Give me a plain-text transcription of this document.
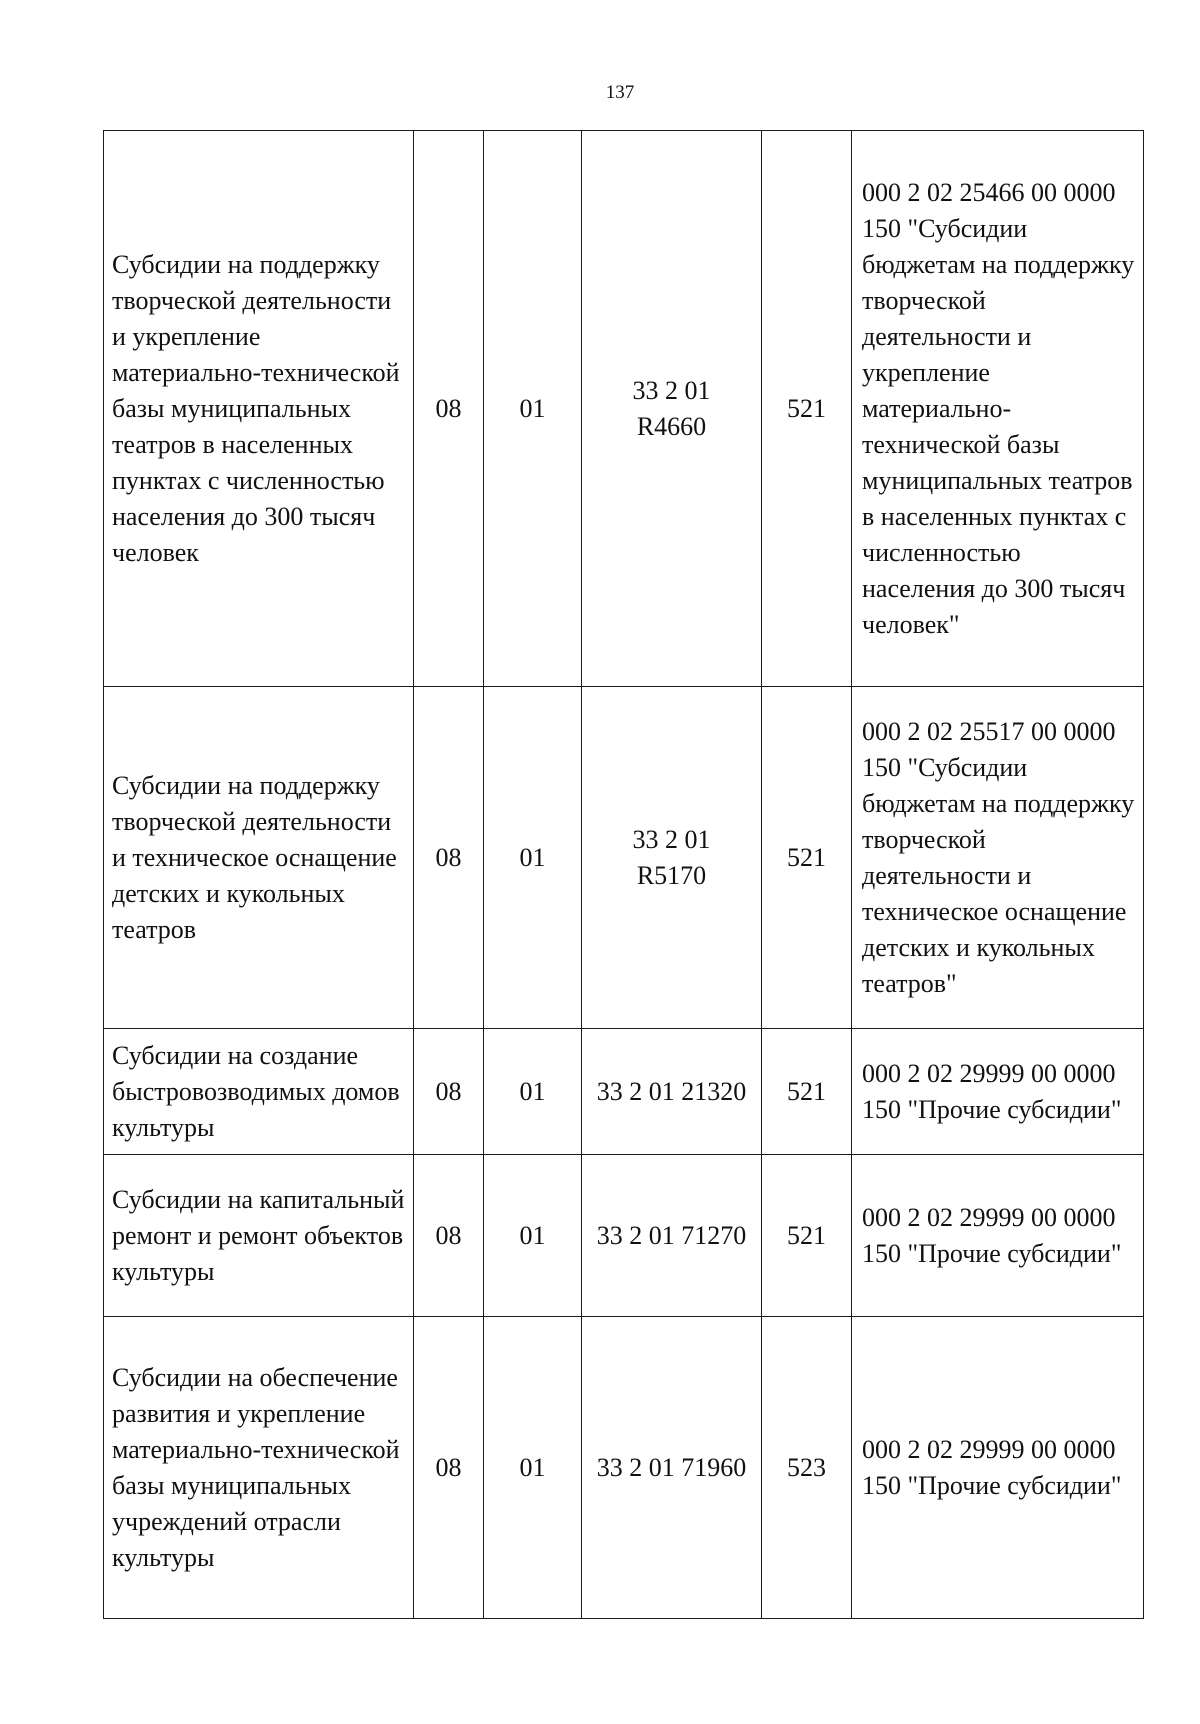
137
Субсидии на поддержку творческой деятельности и укрепление материально-технической базы муниципальных театров в населенных пунктах с численностью населения до 300 тысяч человек	08	01	33 2 01 R4660	521	000 2 02 25466 00 0000 150 "Субсидии бюджетам на поддержку творческой деятельности и укрепление материально-технической базы муниципальных театров в населенных пунктах с численностью населения до 300 тысяч человек"
Субсидии на поддержку творческой деятельности и техническое оснащение детских и кукольных театров	08	01	33 2 01 R5170	521	000 2 02 25517 00 0000 150 "Субсидии бюджетам на поддержку творческой деятельности и техническое оснащение детских и кукольных театров"
Субсидии на создание быстровозводимых домов культуры	08	01	33 2 01 21320	521	000 2 02 29999 00 0000 150 "Прочие субсидии"
Субсидии на капитальный ремонт и ремонт объектов культуры	08	01	33 2 01 71270	521	000 2 02 29999 00 0000 150 "Прочие субсидии"
Субсидии на обеспечение развития и укрепление материально-технической базы муниципальных учреждений отрасли культуры	08	01	33 2 01 71960	523	000 2 02 29999 00 0000 150 "Прочие субсидии"
